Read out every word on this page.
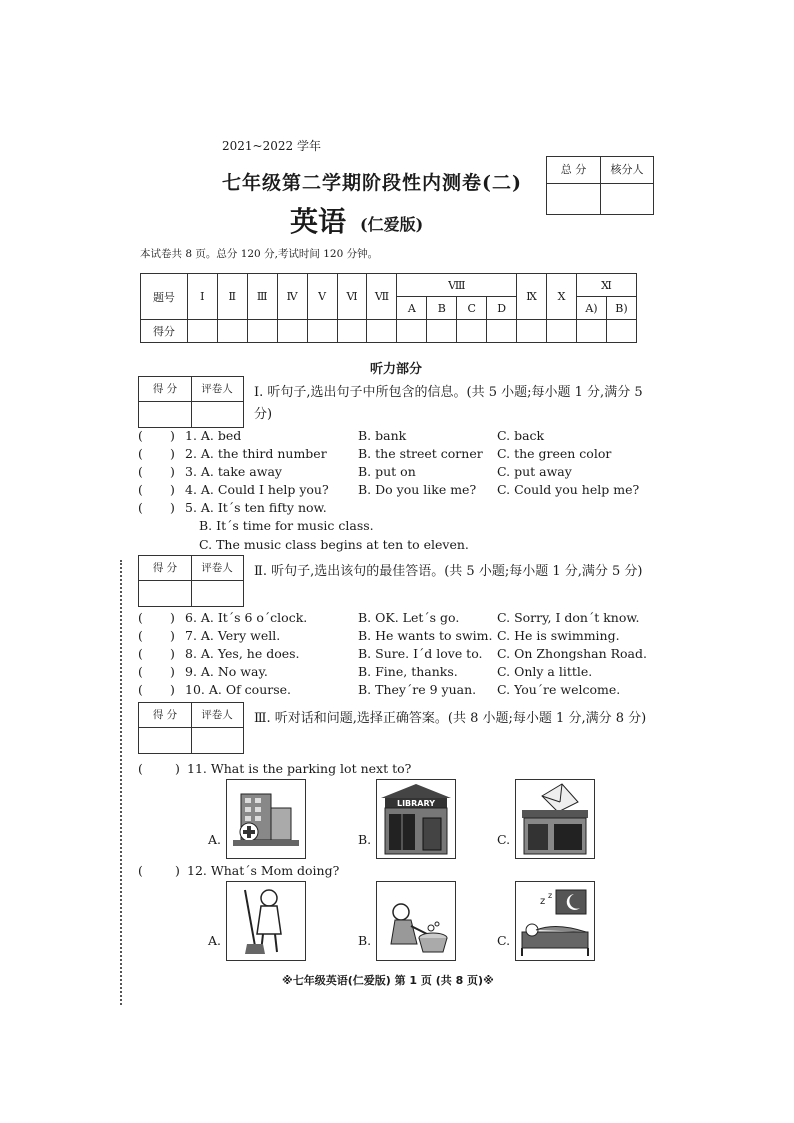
2021~2022 学年
七年级第二学期阶段性内测卷(二)
英语 (仁爱版)
本试卷共 8 页。总分 120 分,考试时间 120 分钟。
总 分	核分人
题号	Ⅰ	Ⅱ	Ⅲ	Ⅳ	Ⅴ	Ⅵ	Ⅶ	Ⅷ				Ⅸ	Ⅹ	Ⅺ	
								A	B	C	D			A)	B)
得分															
听力部分
得 分	评卷人	Ⅰ. 听句子,选出句子中所包含的信息。(共 5 小题;每小题 1 分,满分 5 分)
( ) 1. A. bed	B. bank	C. back
( ) 2. A. the third number	B. the street corner C. the green color
( ) 3. A. take away	B. put on	C. put away
( ) 4. A. Could I help you? B. Do you like me? C. Could you help me?
( ) 5. A. It´s ten fifty now.
B. It´s time for music class.
C. The music class begins at ten to eleven.
得 分	评卷人	Ⅱ. 听句子,选出该句的最佳答语。(共 5 小题;每小题 1 分,满分 5 分)
( ) 6. A. It´s 6 o´clock.	B. OK. Let´s go.	C. Sorry, I don´t know.
( ) 7. A. Very well.	B. He wants to swim. C. He is swimming.
( ) 8. A. Yes, he does.	B. Sure. I´d love to. C. On Zhongshan Road.
( ) 9. A. No way.	B. Fine, thanks.	C. Only a little.
( ) 10. A. Of course.	B. They´re 9 yuan. C. You´re welcome.
得 分	评卷人	Ⅲ. 听对话和问题,选择正确答案。(共 8 小题;每小题 1 分,满分 8 分)
(	) 11. What is the parking lot next to?
A.	B.
LIBRARY
C.
(	) 12. What´s Mom doing?
A.	B.	C.
z
z
※七年级英语(仁爱版) 第 1 页 (共 8 页)※
